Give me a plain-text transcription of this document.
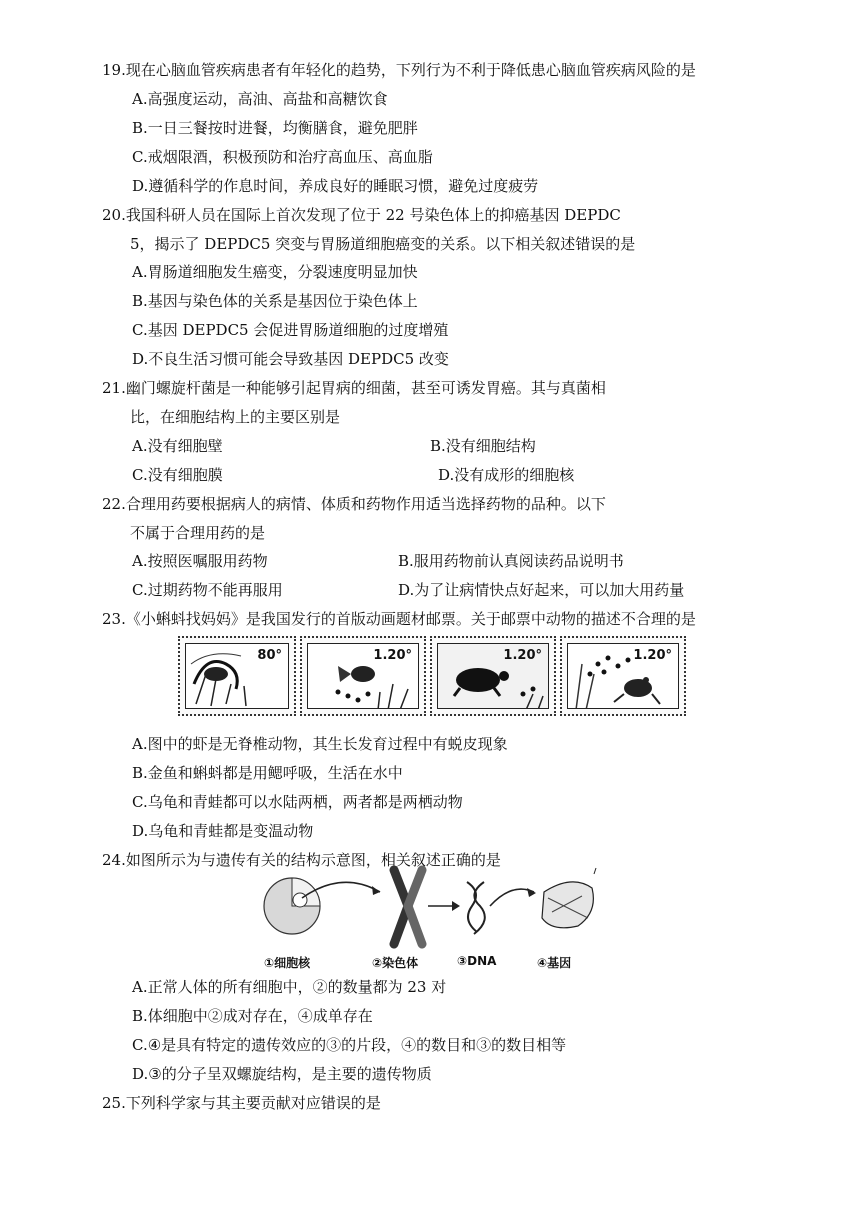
19.现在心脑血管疾病患者有年轻化的趋势，下列行为不利于降低患心脑血管疾病风险的是
A.高强度运动，高油、高盐和高糖饮食
B.一日三餐按时进餐，均衡膳食，避免肥胖
C.戒烟限酒，积极预防和治疗高血压、高血脂
D.遵循科学的作息时间，养成良好的睡眠习惯，避免过度疲劳
20.我国科研人员在国际上首次发现了位于 22 号染色体上的抑癌基因 DEPDC
5，揭示了 DEPDC5 突变与胃肠道细胞癌变的关系。以下相关叙述错误的是
A.胃肠道细胞发生癌变，分裂速度明显加快
B.基因与染色体的关系是基因位于染色体上
C.基因 DEPDC5 会促进胃肠道细胞的过度增殖
D.不良生活习惯可能会导致基因 DEPDC5 改变
21.幽门螺旋杆菌是一种能够引起胃病的细菌，甚至可诱发胃癌。其与真菌相
比，在细胞结构上的主要区别是
A.没有细胞壁	B.没有细胞结构
C.没有细胞膜	D.没有成形的细胞核
22.合理用药要根据病人的病情、体质和药物作用适当选择药物的品种。以下
不属于合理用药的是
A.按照医嘱服用药物	B.服用药物前认真阅读药品说明书
C.过期药物不能再服用	D.为了让病情快点好起来，可以加大用药量
23.《小蝌蚪找妈妈》是我国发行的首版动画题材邮票。关于邮票中动物的描述不合理的是
80°	1.20°	1.20°	1.20°
A.图中的虾是无脊椎动物，其生长发育过程中有蜕皮现象
B.金鱼和蝌蚪都是用鳃呼吸，生活在水中
C.乌龟和青蛙都可以水陆两栖，两者都是两栖动物
D.乌龟和青蛙都是变温动物
24.如图所示为与遗传有关的结构示意图，相关叙述正确的是
①细胞核	②染色体	③DNA	④基因
A.正常人体的所有细胞中，②的数量都为 23 对
B.体细胞中②成对存在，④成单存在
C.④是具有特定的遗传效应的③的片段，④的数目和③的数目相等
D.③的分子呈双螺旋结构，是主要的遗传物质
25.下列科学家与其主要贡献对应错误的是
